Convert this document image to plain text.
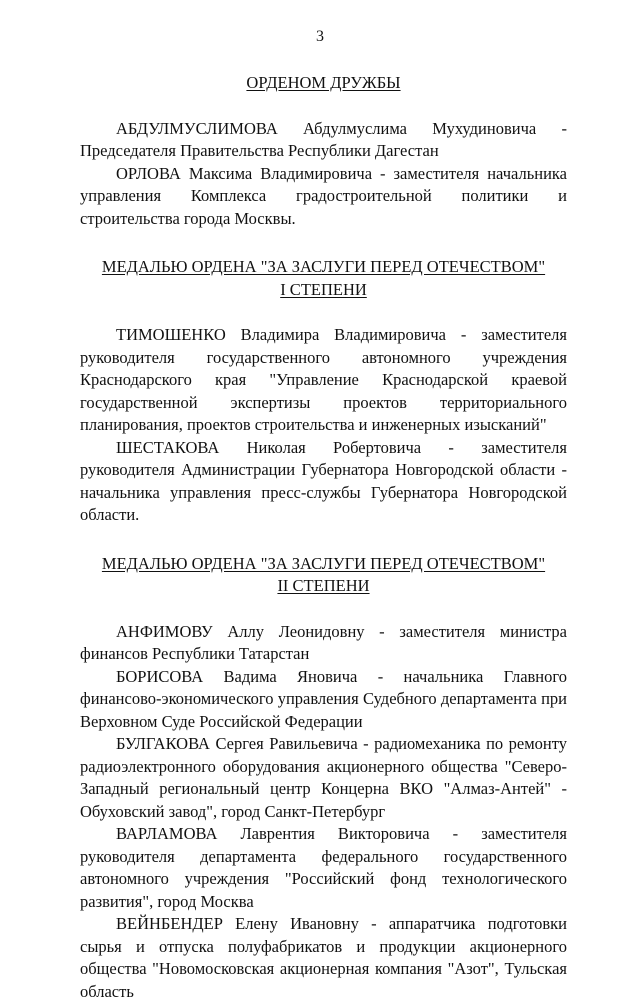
3

ОРДЕНОМ ДРУЖБЫ

АБДУЛМУСЛИМОВА Абдулмуслима Мухудиновича - Председателя Правительства Республики Дагестан

ОРЛОВА Максима Владимировича - заместителя начальника управления Комплекса градостроительной политики и строительства города Москвы.

МЕДАЛЬЮ ОРДЕНА "ЗА ЗАСЛУГИ ПЕРЕД ОТЕЧЕСТВОМ"
I СТЕПЕНИ

ТИМОШЕНКО Владимира Владимировича - заместителя руководителя государственного автономного учреждения Краснодарского края "Управление Краснодарской краевой государственной экспертизы проектов территориального планирования, проектов строительства и инженерных изысканий"

ШЕСТАКОВА Николая Робертовича - заместителя руководителя Администрации Губернатора Новгородской области - начальника управления пресс-службы Губернатора Новгородской области.

МЕДАЛЬЮ ОРДЕНА "ЗА ЗАСЛУГИ ПЕРЕД ОТЕЧЕСТВОМ"
II СТЕПЕНИ

АНФИМОВУ Аллу Леонидовну - заместителя министра финансов Республики Татарстан

БОРИСОВА Вадима Яновича - начальника Главного финансово-экономического управления Судебного департамента при Верховном Суде Российской Федерации

БУЛГАКОВА Сергея Равильевича - радиомеханика по ремонту радиоэлектронного оборудования акционерного общества "Северо-Западный региональный центр Концерна ВКО "Алмаз-Антей" - Обуховский завод", город Санкт-Петербург

ВАРЛАМОВА Лаврентия Викторовича - заместителя руководителя департамента федерального государственного автономного учреждения "Российский фонд технологического развития", город Москва

ВЕЙНБЕНДЕР Елену Ивановну - аппаратчика подготовки сырья и отпуска полуфабрикатов и продукции акционерного общества "Новомосковская акционерная компания "Азот", Тульская область
